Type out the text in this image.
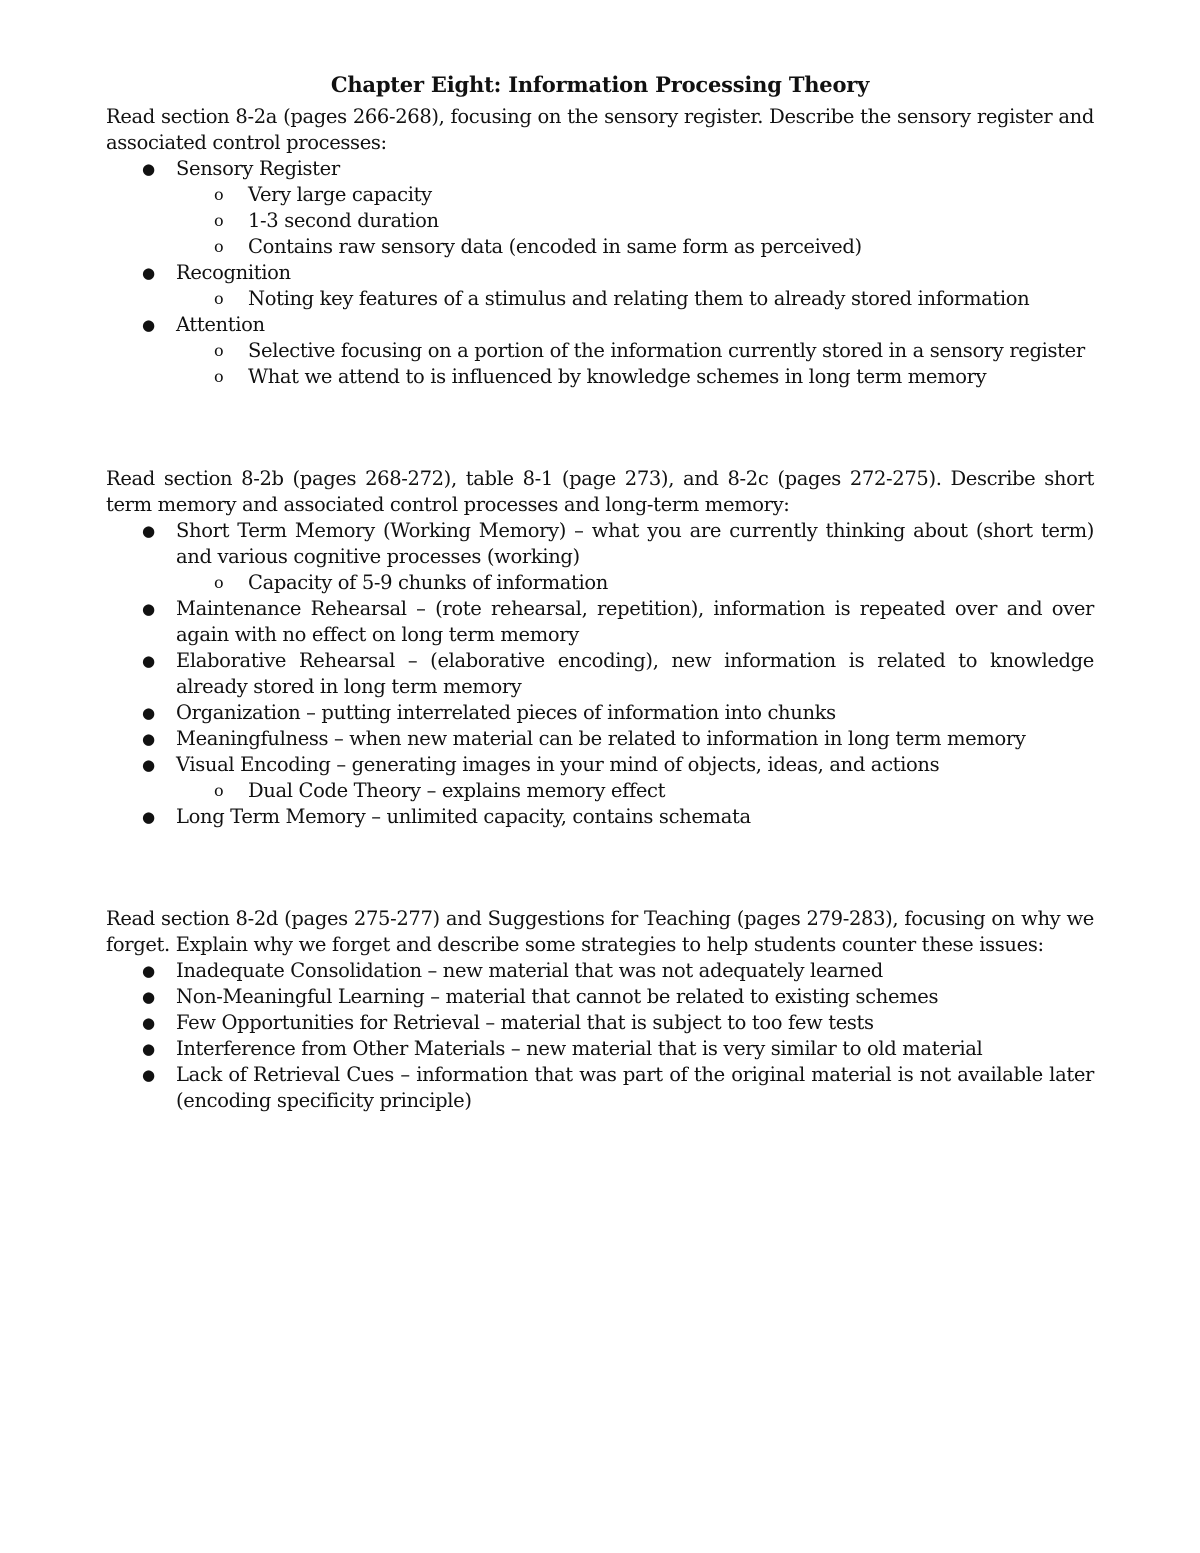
Chapter Eight: Information Processing Theory

Read section 8-2a (pages 266-268), focusing on the sensory register. Describe the sensory register and associated control processes:

● Sensory Register
o Very large capacity
o 1-3 second duration
o Contains raw sensory data (encoded in same form as perceived)
● Recognition
o Noting key features of a stimulus and relating them to already stored information
● Attention
o Selective focusing on a portion of the information currently stored in a sensory register
o What we attend to is influenced by knowledge schemes in long term memory

Read section 8-2b (pages 268-272), table 8-1 (page 273), and 8-2c (pages 272-275). Describe short term memory and associated control processes and long-term memory:

● Short Term Memory (Working Memory) – what you are currently thinking about (short term) and various cognitive processes (working)
o Capacity of 5-9 chunks of information
● Maintenance Rehearsal – (rote rehearsal, repetition), information is repeated over and over again with no effect on long term memory
● Elaborative Rehearsal – (elaborative encoding), new information is related to knowledge already stored in long term memory
● Organization – putting interrelated pieces of information into chunks
● Meaningfulness – when new material can be related to information in long term memory
● Visual Encoding – generating images in your mind of objects, ideas, and actions
o Dual Code Theory – explains memory effect
● Long Term Memory – unlimited capacity, contains schemata

Read section 8-2d (pages 275-277) and Suggestions for Teaching (pages 279-283), focusing on why we forget. Explain why we forget and describe some strategies to help students counter these issues:

● Inadequate Consolidation – new material that was not adequately learned
● Non-Meaningful Learning – material that cannot be related to existing schemes
● Few Opportunities for Retrieval – material that is subject to too few tests
● Interference from Other Materials – new material that is very similar to old material
● Lack of Retrieval Cues – information that was part of the original material is not available later (encoding specificity principle)
